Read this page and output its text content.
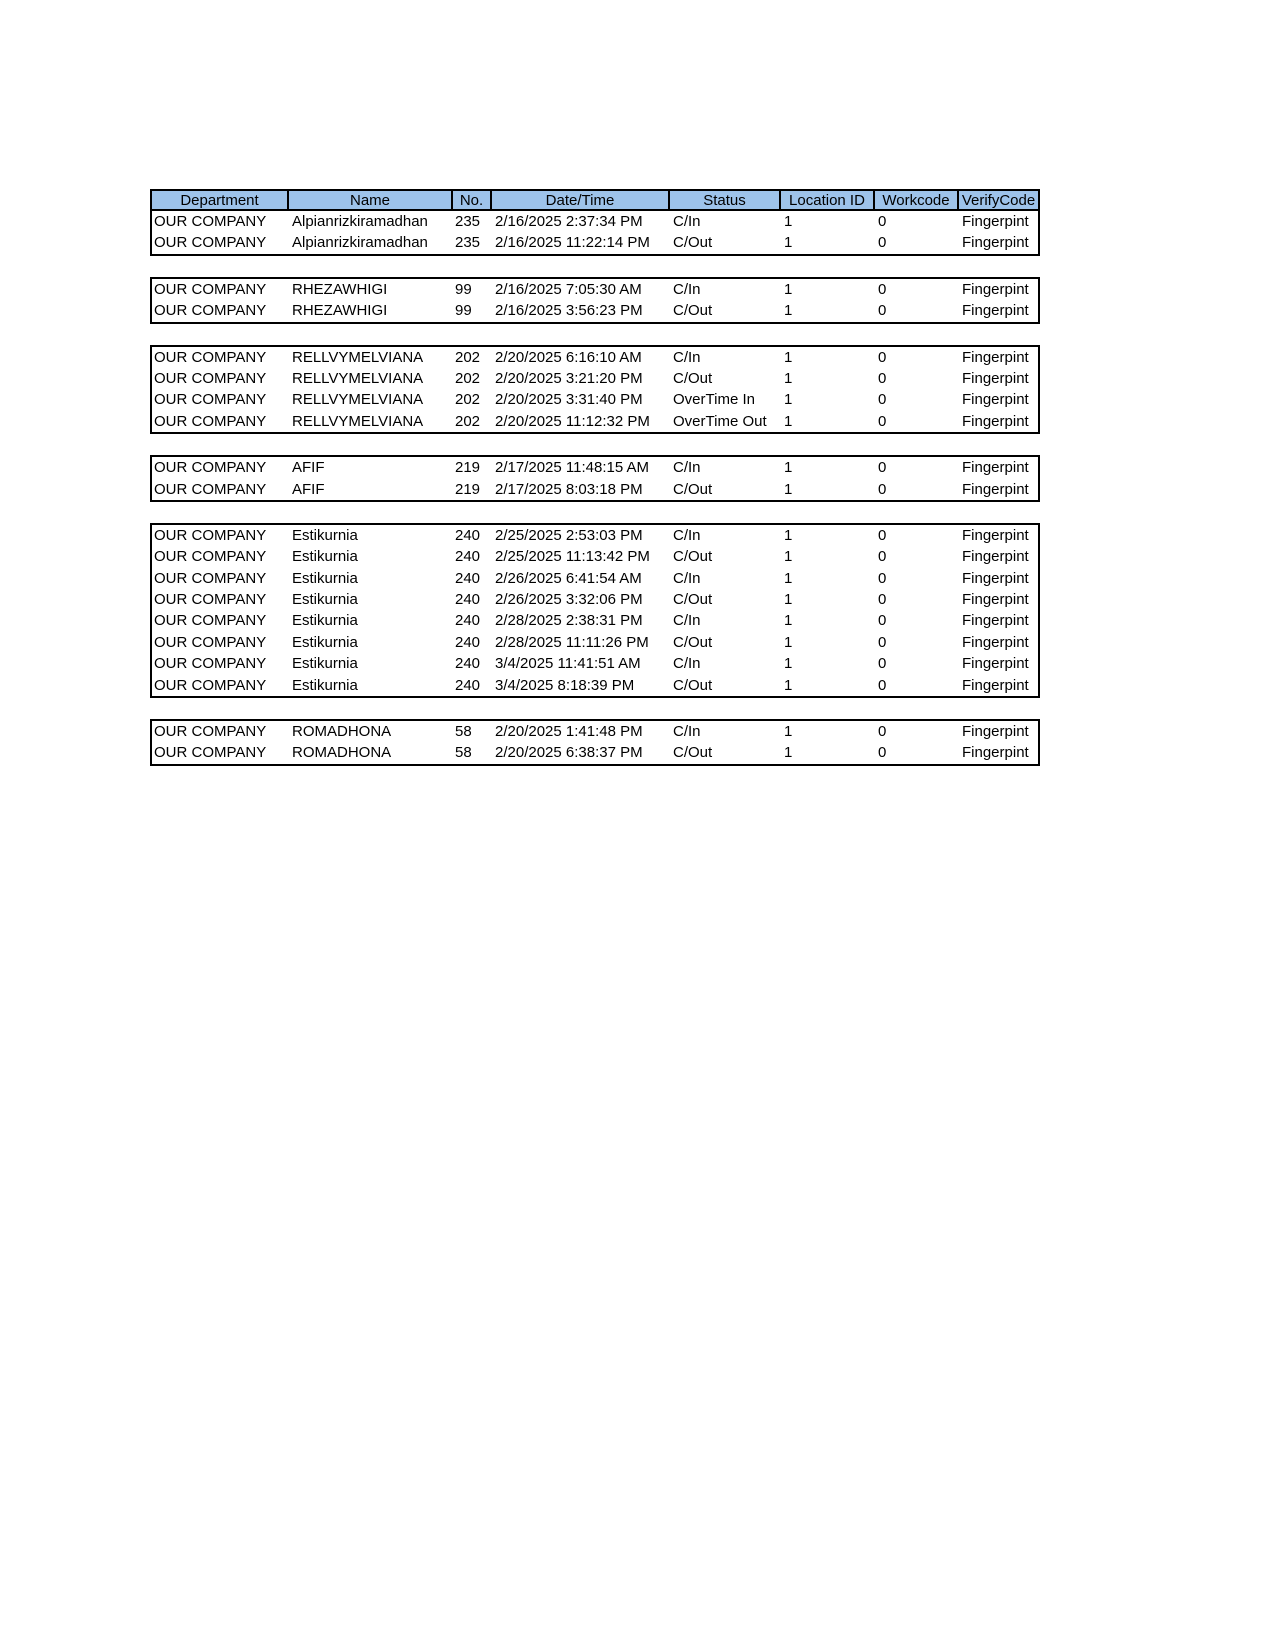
Department	Name	No.	Date/Time	Status	Location ID	Workcode VerifyCode
OUR COMPANY	Alpianrizkiramadhan	235 2/16/2025 2:37:34 PM	C/In	1	0	Fingerpint
OUR COMPANY	Alpianrizkiramadhan	235 2/16/2025 11:22:14 PM	C/Out	1	0	Fingerpint
OUR COMPANY	RHEZAWHIGI	99	2/16/2025 7:05:30 AM	C/In	1	0	Fingerpint
OUR COMPANY	RHEZAWHIGI	99	2/16/2025 3:56:23 PM	C/Out	1	0	Fingerpint
OUR COMPANY	RELLVYMELVIANA	202 2/20/2025 6:16:10 AM	C/In	1	0	Fingerpint
OUR COMPANY	RELLVYMELVIANA	202 2/20/2025 3:21:20 PM	C/Out	1	0	Fingerpint
OUR COMPANY	RELLVYMELVIANA	202 2/20/2025 3:31:40 PM	OverTime In	1	0	Fingerpint
OUR COMPANY	RELLVYMELVIANA	202 2/20/2025 11:12:32 PM	OverTime Out	1	0	Fingerpint
OUR COMPANY	AFIF	219 2/17/2025 11:48:15 AM	C/In	1	0	Fingerpint
OUR COMPANY	AFIF	219 2/17/2025 8:03:18 PM	C/Out	1	0	Fingerpint
OUR COMPANY	Estikurnia	240 2/25/2025 2:53:03 PM	C/In	1	0	Fingerpint
OUR COMPANY	Estikurnia	240 2/25/2025 11:13:42 PM	C/Out	1	0	Fingerpint
OUR COMPANY	Estikurnia	240 2/26/2025 6:41:54 AM	C/In	1	0	Fingerpint
OUR COMPANY	Estikurnia	240 2/26/2025 3:32:06 PM	C/Out	1	0	Fingerpint
OUR COMPANY	Estikurnia	240 2/28/2025 2:38:31 PM	C/In	1	0	Fingerpint
OUR COMPANY	Estikurnia	240 2/28/2025 11:11:26 PM	C/Out	1	0	Fingerpint
OUR COMPANY	Estikurnia	240 3/4/2025 11:41:51 AM	C/In	1	0	Fingerpint
OUR COMPANY	Estikurnia	240 3/4/2025 8:18:39 PM	C/Out	1	0	Fingerpint
OUR COMPANY	ROMADHONA	58	2/20/2025 1:41:48 PM	C/In	1	0	Fingerpint
OUR COMPANY	ROMADHONA	58	2/20/2025 6:38:37 PM	C/Out	1	0	Fingerpint
